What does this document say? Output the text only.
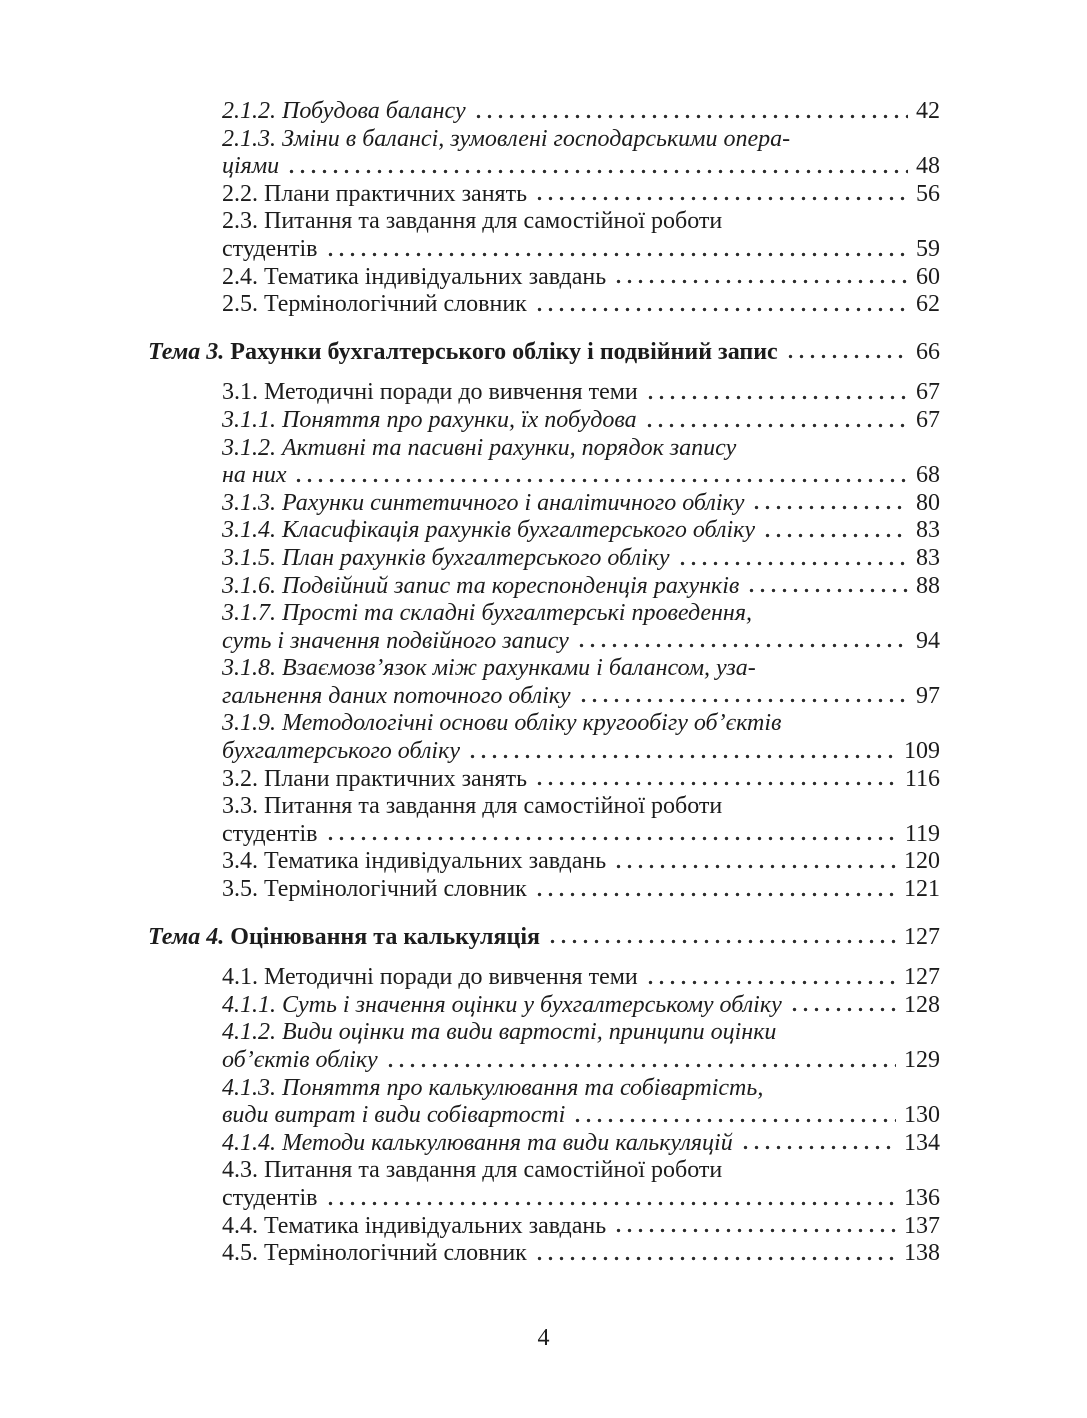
2.1.2. Побудова балансу	42
2.1.3. Зміни в балансі, зумовлені господарськими опера-
ціями	48
2.2. Плани практичних занять	56
2.3. Питання та завдання для самостійної роботи
студентів	59
2.4. Тематика індивідуальних завдань	60
2.5. Термінологічний словник	62
Тема 3. Рахунки бухгалтерського обліку і подвійний запис	66
3.1. Методичні поради до вивчення теми	67
3.1.1. Поняття про рахунки, їх побудова	67
3.1.2. Активні та пасивні рахунки, порядок запису
на них	68
3.1.3. Рахунки синтетичного і аналітичного обліку	80
3.1.4. Класифікація рахунків бухгалтерського обліку	83
3.1.5. План рахунків бухгалтерського обліку	83
3.1.6. Подвійний запис та кореспонденція рахунків	88
3.1.7. Прості та складні бухгалтерські проведення,
суть і значення подвійного запису	94
3.1.8. Взаємозв’язок між рахунками і балансом, уза-
гальнення даних поточного обліку	97
3.1.9. Методологічні основи обліку кругообігу об’єктів
бухгалтерського обліку	109
3.2. Плани практичних занять	116
3.3. Питання та завдання для самостійної роботи
студентів	119
3.4. Тематика індивідуальних завдань	120
3.5. Термінологічний словник	121
Тема 4. Оцінювання та калькуляція	127
4.1. Методичні поради до вивчення теми	127
4.1.1. Суть і значення оцінки у бухгалтерському обліку	128
4.1.2. Види оцінки та види вартості, принципи оцінки
об’єктів обліку	129
4.1.3. Поняття про калькулювання та собівартість,
види витрат і види собівартості	130
4.1.4. Методи калькулювання та види калькуляцій	134
4.3. Питання та завдання для самостійної роботи
студентів	136
4.4. Тематика індивідуальних завдань	137
4.5. Термінологічний словник	138
4
